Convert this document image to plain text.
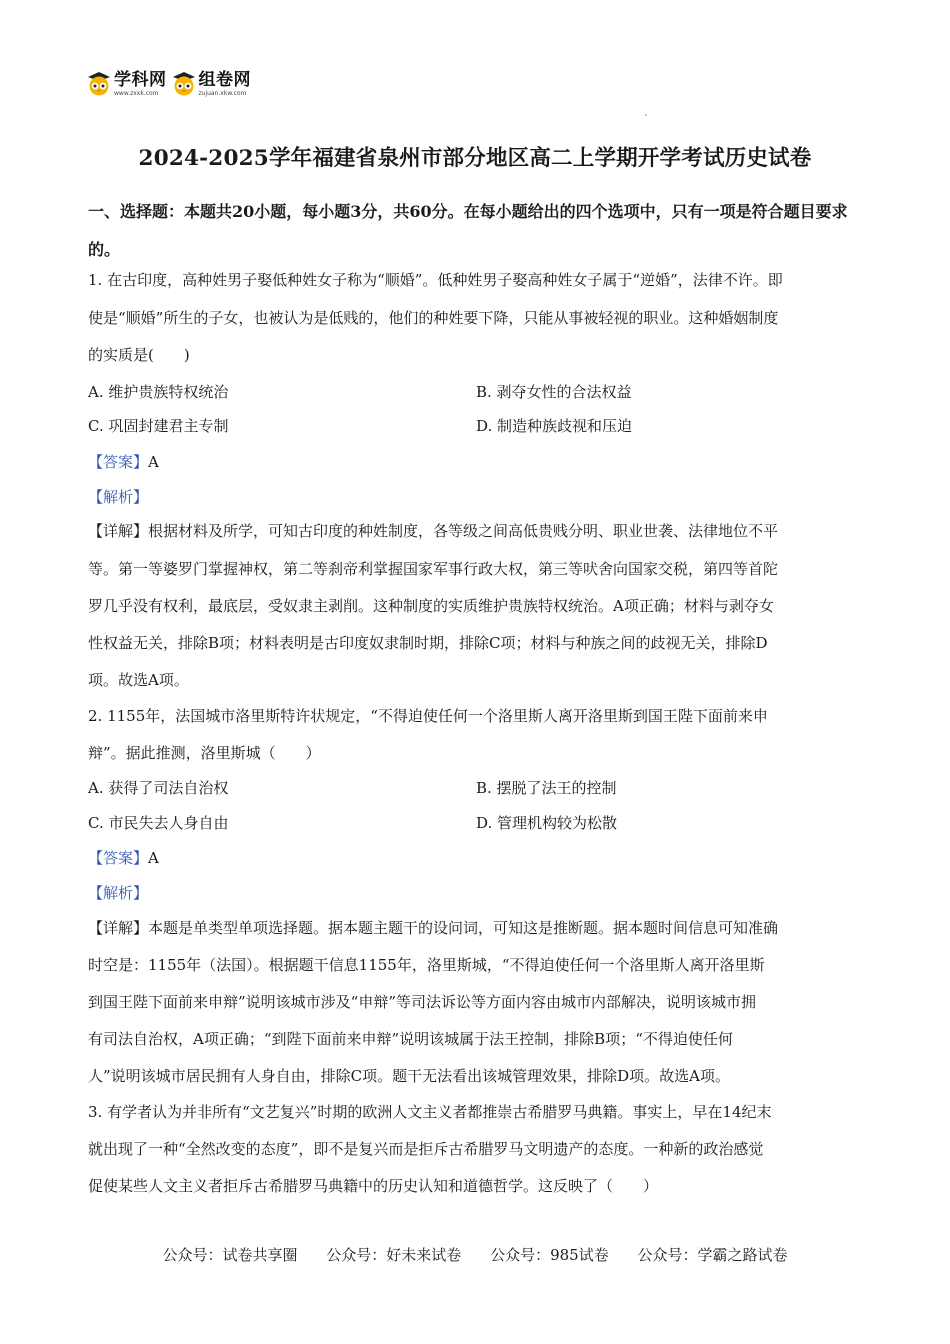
学科网
www.zxxk.com
组卷网
zujuan.xkw.com
2024-2025学年福建省泉州市部分地区高二上学期开学考试历史试卷
一、选择题：本题共20小题，每小题3分，共60分。在每小题给出的四个选项中，只有一项是符合题目要求的。
1. 在古印度，高种姓男子娶低种姓女子称为“顺婚”。低种姓男子娶高种姓女子属于“逆婚”，法律不许。即
使是“顺婚”所生的子女，也被认为是低贱的，他们的种姓要下降，只能从事被轻视的职业。这种婚姻制度
的实质是(　　)
A. 维护贵族特权统治	B. 剥夺女性的合法权益
C. 巩固封建君主专制	D. 制造种族歧视和压迫
【答案】A
【解析】
【详解】根据材料及所学，可知古印度的种姓制度，各等级之间高低贵贱分明、职业世袭、法律地位不平
等。第一等婆罗门掌握神权，第二等刹帝利掌握国家军事行政大权，第三等吠舍向国家交税，第四等首陀
罗几乎没有权利，最底层，受奴隶主剥削。这种制度的实质维护贵族特权统治。A项正确；材料与剥夺女
性权益无关，排除B项；材料表明是古印度奴隶制时期，排除C项；材料与种族之间的歧视无关，排除D
项。故选A项。
2. 1155年，法国城市洛里斯特许状规定，“不得迫使任何一个洛里斯人离开洛里斯到国王陛下面前来申
辩”。据此推测，洛里斯城（　　）
A. 获得了司法自治权	B. 摆脱了法王的控制
C. 市民失去人身自由	D. 管理机构较为松散
【答案】A
【解析】
【详解】本题是单类型单项选择题。据本题主题干的设问词，可知这是推断题。据本题时间信息可知准确
时空是：1155年（法国）。根据题干信息1155年，洛里斯城，“不得迫使任何一个洛里斯人离开洛里斯
到国王陛下面前来申辩”说明该城市涉及“申辩”等司法诉讼等方面内容由城市内部解决，说明该城市拥
有司法自治权，A项正确；“到陛下面前来申辩”说明该城属于法王控制，排除B项；“不得迫使任何
人”说明该城市居民拥有人身自由，排除C项。题干无法看出该城管理效果，排除D项。故选A项。
3. 有学者认为并非所有“文艺复兴”时期的欧洲人文主义者都推崇古希腊罗马典籍。事实上，早在14纪末
就出现了一种“全然改变的态度”，即不是复兴而是拒斥古希腊罗马文明遗产的态度。一种新的政治感觉
促使某些人文主义者拒斥古希腊罗马典籍中的历史认知和道德哲学。这反映了（　　）
公众号：试卷共享圈 公众号：好未来试卷 公众号：985试卷 公众号：学霸之路试卷
